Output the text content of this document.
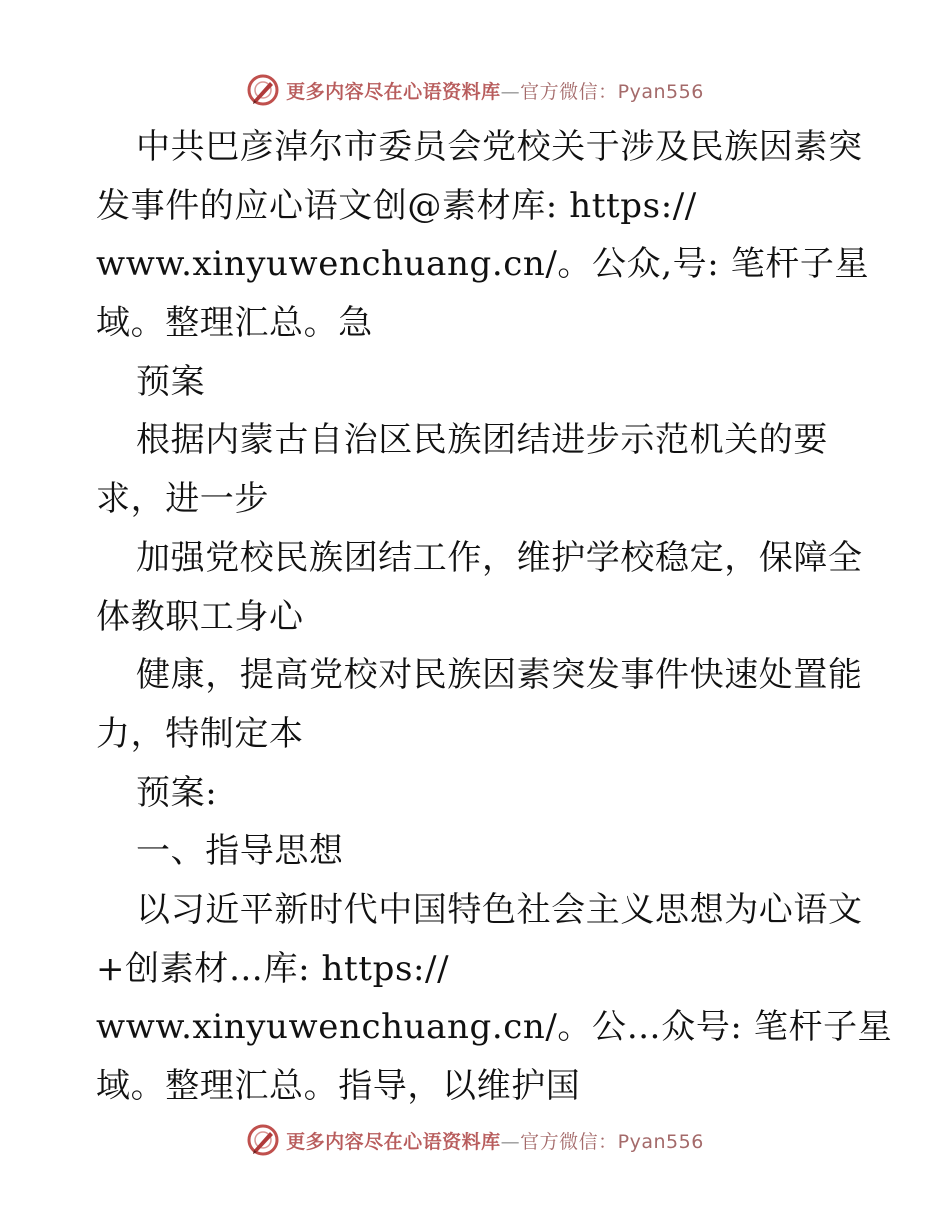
更多内容尽在心语资料库—官方微信：Pyan556
中共巴彦淖尔市委员会党校关于涉及民族因素突
发事件的应心语文创@素材库: https://
www.xinyuwenchuang.cn/。公众,号: 笔杆子星
域。整理汇总。急
预案
根据内蒙古自治区民族团结进步示范机关的要
求，进一步
加强党校民族团结工作，维护学校稳定，保障全
体教职工身心
健康，提高党校对民族因素突发事件快速处置能
力，特制定本
预案:
一、指导思想
以习近平新时代中国特色社会主义思想为心语文
+创素材…库: https://
www.xinyuwenchuang.cn/。公…众号: 笔杆子星
域。整理汇总。指导，以维护国
更多内容尽在心语资料库—官方微信：Pyan556
